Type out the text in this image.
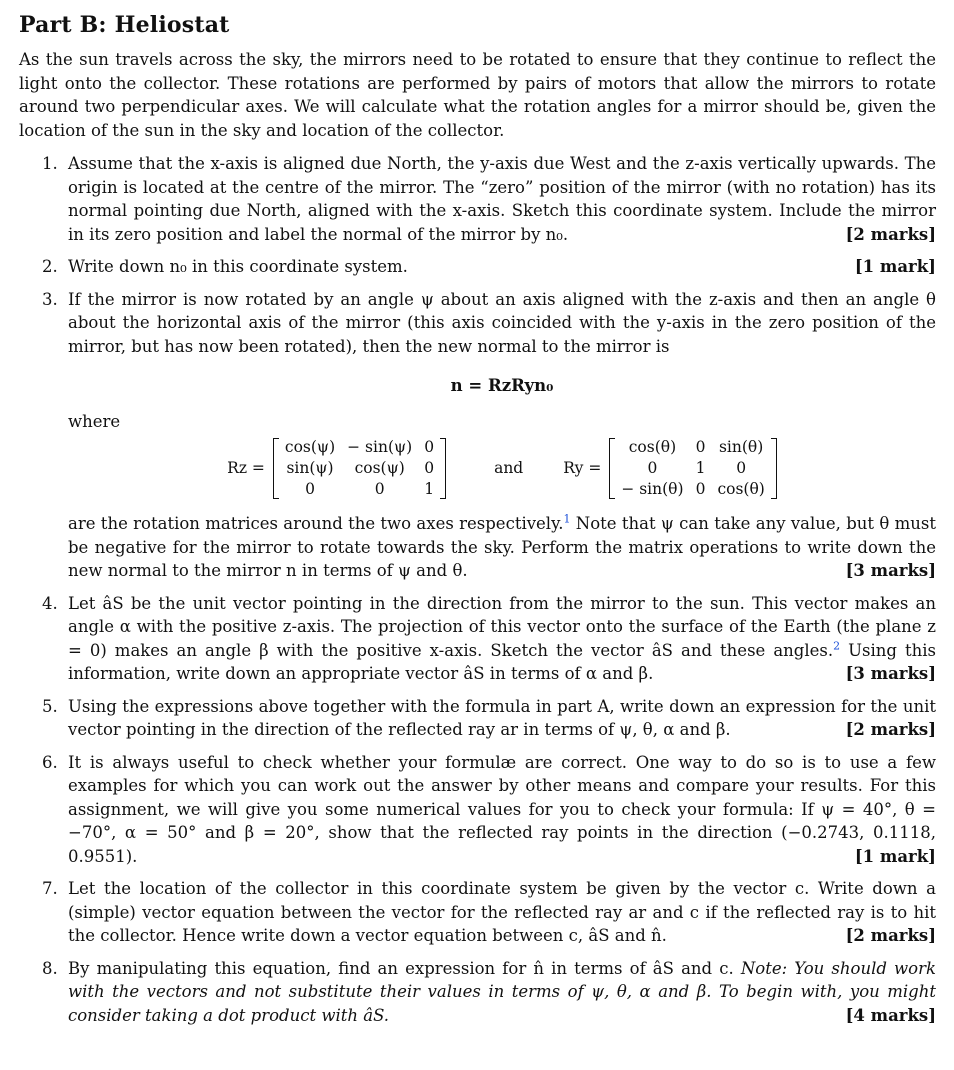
Part B: Heliostat

As the sun travels across the sky, the mirrors need to be rotated to ensure that they continue to reflect the light onto the collector. These rotations are performed by pairs of motors that allow the mirrors to rotate around two perpendicular axes. We will calculate what the rotation angles for a mirror should be, given the location of the sun in the sky and location of the collector.

1. Assume that the x-axis is aligned due North, the y-axis due West and the z-axis vertically upwards. The origin is located at the centre of the mirror. The “zero” position of the mirror (with no rotation) has its normal pointing due North, aligned with the x-axis. Sketch this coordinate system. Include the mirror in its zero position and label the normal of the mirror by n₀.	[2 marks]
2. Write down n₀ in this coordinate system.	[1 mark]
3. If the mirror is now rotated by an angle ψ about an axis aligned with the z-axis and then an angle θ about the horizontal axis of the mirror (this axis coincided with the y-axis in the zero position of the mirror, but has now been rotated), then the new normal to the mirror is
n = RzRyn₀
where
Rz =
cos(ψ)	− sin(ψ)	0
sin(ψ)	cos(ψ)	0
0	0	1
and	Ry =
cos(θ)	0	sin(θ)
0	1	0
− sin(θ)	0	cos(θ)
are the rotation matrices around the two axes respectively.$^1$ Note that ψ can take any value, but θ must be negative for the mirror to rotate towards the sky. Perform the matrix operations to write down the new normal to the mirror n in terms of ψ and θ.	[3 marks]
4. Let âS be the unit vector pointing in the direction from the mirror to the sun. This vector makes an angle α with the positive z-axis. The projection of this vector onto the surface of the Earth (the plane z = 0) makes an angle β with the positive x-axis. Sketch the vector âS and these angles.$^2$ Using this information, write down an appropriate vector âS in terms of α and β.	[3 marks]
5. Using the expressions above together with the formula in part A, write down an expression for the unit vector pointing in the direction of the reflected ray ar in terms of ψ, θ, α and β.	[2 marks]
6. It is always useful to check whether your formulæ are correct. One way to do so is to use a few examples for which you can work out the answer by other means and compare your results. For this assignment, we will give you some numerical values for you to check your formula: If ψ = 40°, θ = −70°, α = 50° and β = 20°, show that the reflected ray points in the direction (−0.2743, 0.1118, 0.9551).	[1 mark]
7. Let the location of the collector in this coordinate system be given by the vector c. Write down a (simple) vector equation between the vector for the reflected ray ar and c if the reflected ray is to hit the collector. Hence write down a vector equation between c, âS and n̂.	[2 marks]
8. By manipulating this equation, find an expression for n̂ in terms of âS and c. Note: You should work with the vectors and not substitute their values in terms of ψ, θ, α and β. To begin with, you might consider taking a dot product with âS.	[4 marks]
